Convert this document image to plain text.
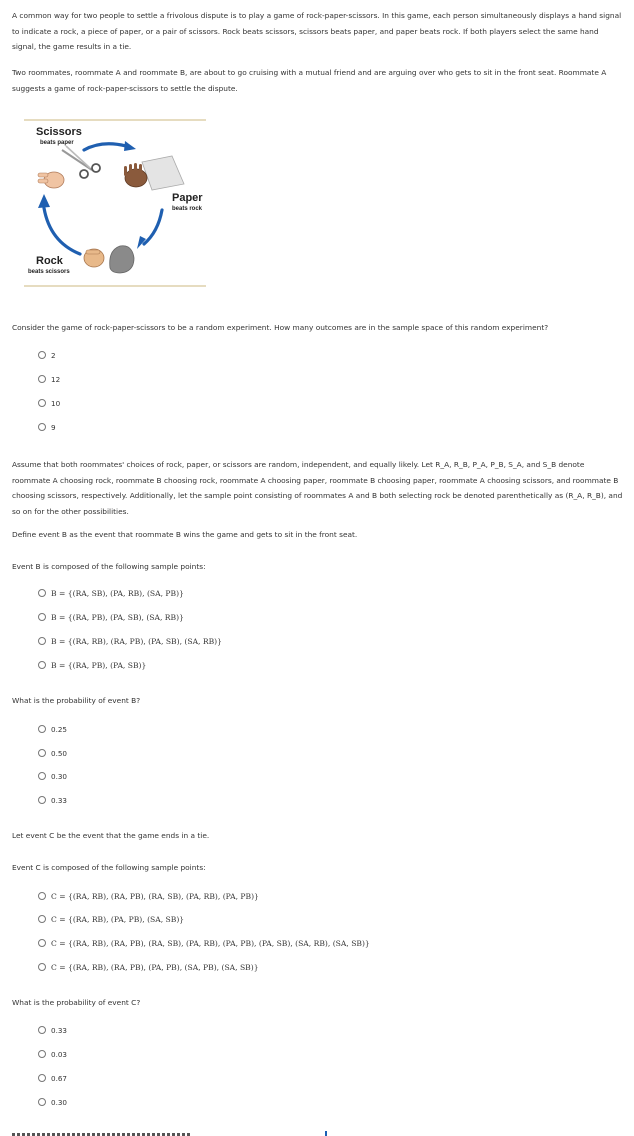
A common way for two people to settle a frivolous dispute is to play a game of rock-paper-scissors. In this game, each person simultaneously displays a hand signal to indicate a rock, a piece of paper, or a pair of scissors. Rock beats scissors, scissors beats paper, and paper beats rock. If both players select the same hand signal, the game results in a tie.

Two roommates, roommate A and roommate B, are about to go cruising with a mutual friend and are arguing over who gets to sit in the front seat. Roommate A suggests a game of rock-paper-scissors to settle the dispute.

Scissors
beats paper
Paper
beats rock
Rock
beats scissors

Consider the game of rock-paper-scissors to be a random experiment. How many outcomes are in the sample space of this random experiment?

2
12
10
9

Assume that both roommates' choices of rock, paper, or scissors are random, independent, and equally likely. Let R_A, R_B, P_A, P_B, S_A, and S_B denote roommate A choosing rock, roommate B choosing rock, roommate A choosing paper, roommate B choosing paper, roommate A choosing scissors, and roommate B choosing scissors, respectively. Additionally, let the sample point consisting of roommates A and B both selecting rock be denoted parenthetically as (R_A, R_B), and so on for the other possibilities.

Define event B as the event that roommate B wins the game and gets to sit in the front seat.

Event B is composed of the following sample points:

B = {(RA, SB), (PA, RB), (SA, PB)}
B = {(RA, PB), (PA, SB), (SA, RB)}
B = {(RA, RB), (RA, PB), (PA, SB), (SA, RB)}
B = {(RA, PB), (PA, SB)}

What is the probability of event B?

0.25
0.50
0.30
0.33

Let event C be the event that the game ends in a tie.

Event C is composed of the following sample points:

C = {(RA, RB), (RA, PB), (RA, SB), (PA, RB), (PA, PB)}
C = {(RA, RB), (PA, PB), (SA, SB)}
C = {(RA, RB), (RA, PB), (RA, SB), (PA, RB), (PA, PB), (PA, SB), (SA, RB), (SA, SB)}
C = {(RA, RB), (RA, PB), (PA, PB), (SA, PB), (SA, SB)}

What is the probability of event C?

0.33
0.03
0.67
0.30
